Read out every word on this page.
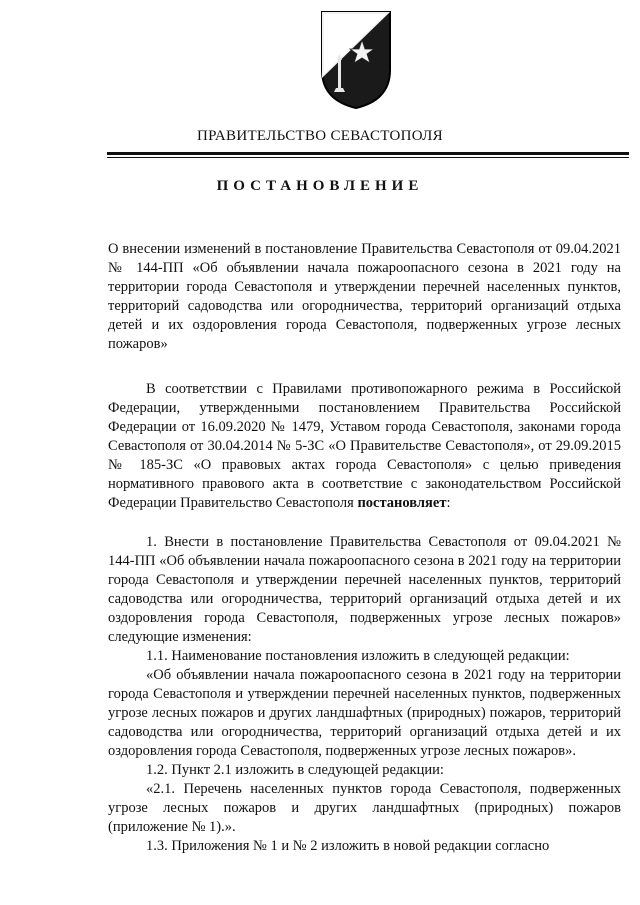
ПРАВИТЕЛЬСТВО СЕВАСТОПОЛЯ
ПОСТАНОВЛЕНИЕ
О внесении изменений в постановление Правительства Севастополя от 09.04.2021 № 144-ПП «Об объявлении начала пожароопасного сезона в 2021 году на территории города Севастополя и утверждении перечней населенных пунктов, территорий садоводства или огородничества, территорий организаций отдыха детей и их оздоровления города Севастополя, подверженных угрозе лесных пожаров»

В соответствии с Правилами противопожарного режима в Российской Федерации, утвержденными постановлением Правительства Российской Федерации от 16.09.2020 № 1479, Уставом города Севастополя, законами города Севастополя от 30.04.2014 № 5-ЗС «О Правительстве Севастополя», от 29.09.2015 № 185-ЗС «О правовых актах города Севастополя» с целью приведения нормативного правового акта в соответствие с законодательством Российской Федерации Правительство Севастополя постановляет:

1. Внести в постановление Правительства Севастополя от 09.04.2021 № 144-ПП «Об объявлении начала пожароопасного сезона в 2021 году на территории города Севастополя и утверждении перечней населенных пунктов, территорий садоводства или огородничества, территорий организаций отдыха детей и их оздоровления города Севастополя, подверженных угрозе лесных пожаров» следующие изменения:

1.1. Наименование постановления изложить в следующей редакции:

«Об объявлении начала пожароопасного сезона в 2021 году на территории города Севастополя и утверждении перечней населенных пунктов, подверженных угрозе лесных пожаров и других ландшафтных (природных) пожаров, территорий садоводства или огородничества, территорий организаций отдыха детей и их оздоровления города Севастополя, подверженных угрозе лесных пожаров».

1.2. Пункт 2.1 изложить в следующей редакции:

«2.1. Перечень населенных пунктов города Севастополя, подверженных угрозе лесных пожаров и других ландшафтных (природных) пожаров (приложение № 1).».

1.3. Приложения № 1 и № 2 изложить в новой редакции согласно
